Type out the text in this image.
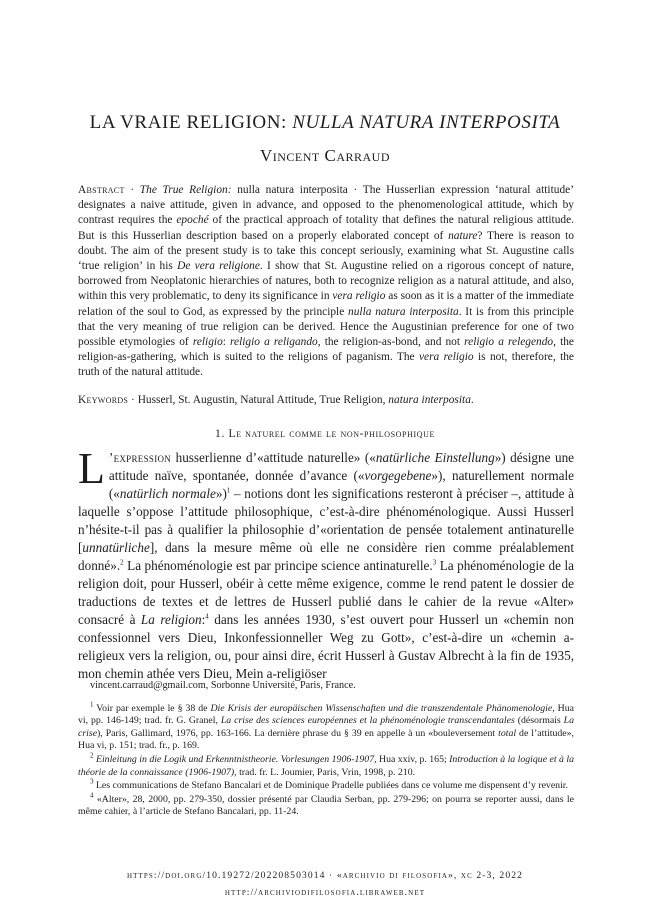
LA VRAIE RELIGION: NULLA NATURA INTERPOSITA
Vincent Carraud
Abstract · The True Religion: nulla natura interposita · The Husserlian expression ‘natural attitude’ designates a naive attitude, given in advance, and opposed to the phenomenological attitude, which by contrast requires the epoché of the practical approach of totality that defines the natural religious attitude. But is this Husserlian description based on a properly elaborated concept of nature? There is reason to doubt. The aim of the present study is to take this concept seriously, examining what St. Augustine calls ‘true religion’ in his De vera religione. I show that St. Augustine relied on a rigorous concept of nature, borrowed from Neoplatonic hierarchies of natures, both to recognize religion as a natural attitude, and also, within this very problematic, to deny its significance in vera religio as soon as it is a matter of the immediate relation of the soul to God, as expressed by the principle nulla natura interposita. It is from this principle that the very meaning of true religion can be derived. Hence the Augustinian preference for one of two possible etymologies of religio: religio a religando, the religion-as-bond, and not religio a relegendo, the religion-as-gathering, which is suited to the religions of paganism. The vera religio is not, therefore, the truth of the natural attitude.
Keywords · Husserl, St. Augustin, Natural Attitude, True Religion, natura interposita.
1. Le naturel comme le non-philosophique
L ’expression husserlienne d’«attitude naturelle» («natürliche Einstellung») désigne une attitude naïve, spontanée, donnée d’avance («vorgegebene»), naturellement normale («natürlich normale»)$^1$ – notions dont les significations resteront à préciser –, attitude à laquelle s’oppose l’attitude philosophique, c’est-à-dire phénoménologique. Aussi Husserl n’hésite-t-il pas à qualifier la philosophie d’«orientation de pensée totalement antinaturelle [unnatürliche], dans la mesure même où elle ne considère rien comme préalablement donné».$^2$ La phénoménologie est par principe science antinaturelle.$^3$ La phénoménologie de la religion doit, pour Husserl, obéir à cette même exigence, comme le rend patent le dossier de traductions de textes et de lettres de Husserl publié dans le cahier de la revue «Alter» consacré à La religion:$^4$ dans les années 1930, s’est ouvert pour Husserl un «chemin non confessionnel vers Dieu, Inkonfessionneller Weg zu Gott», c’est-à-dire un «chemin a-religieux vers la religion, ou, pour ainsi dire, écrit Husserl à Gustav Albrecht à la fin de 1935, mon chemin athée vers Dieu, Mein a-religiöser
vincent.carraud@gmail.com, Sorbonne Université, Paris, France.
$^1$ Voir par exemple le § 38 de Die Krisis der europäischen Wissenschaften und die transzendentale Phänomenologie, Hua vi, pp. 146-149; trad. fr. G. Granel, La crise des sciences européennes et la phénoménologie transcendantales (désormais La crise), Paris, Gallimard, 1976, pp. 163-166. La dernière phrase du § 39 en appelle à un «bouleversement total de l’attitude», Hua vi, p. 151; trad. fr., p. 169.
$^2$ Einleitung in die Logik und Erkenntnistheorie. Vorlesungen 1906-1907, Hua xxiv, p. 165; Introduction à la logique et à la théorie de la connaissance (1906-1907), trad. fr. L. Joumier, Paris, Vrin, 1998, p. 210.
$^3$ Les communications de Stefano Bancalari et de Dominique Pradelle publiées dans ce volume me dispensent d’y revenir.
$^4$ «Alter», 28, 2000, pp. 279-350, dossier présenté par Claudia Serban, pp. 279-296; on pourra se reporter aussi, dans le même cahier, à l’article de Stefano Bancalari, pp. 11-24.
https://doi.org/10.19272/202208503014 · «archivio di filosofia», xc 2-3, 2022
http://archiviodifilosofia.libraweb.net
